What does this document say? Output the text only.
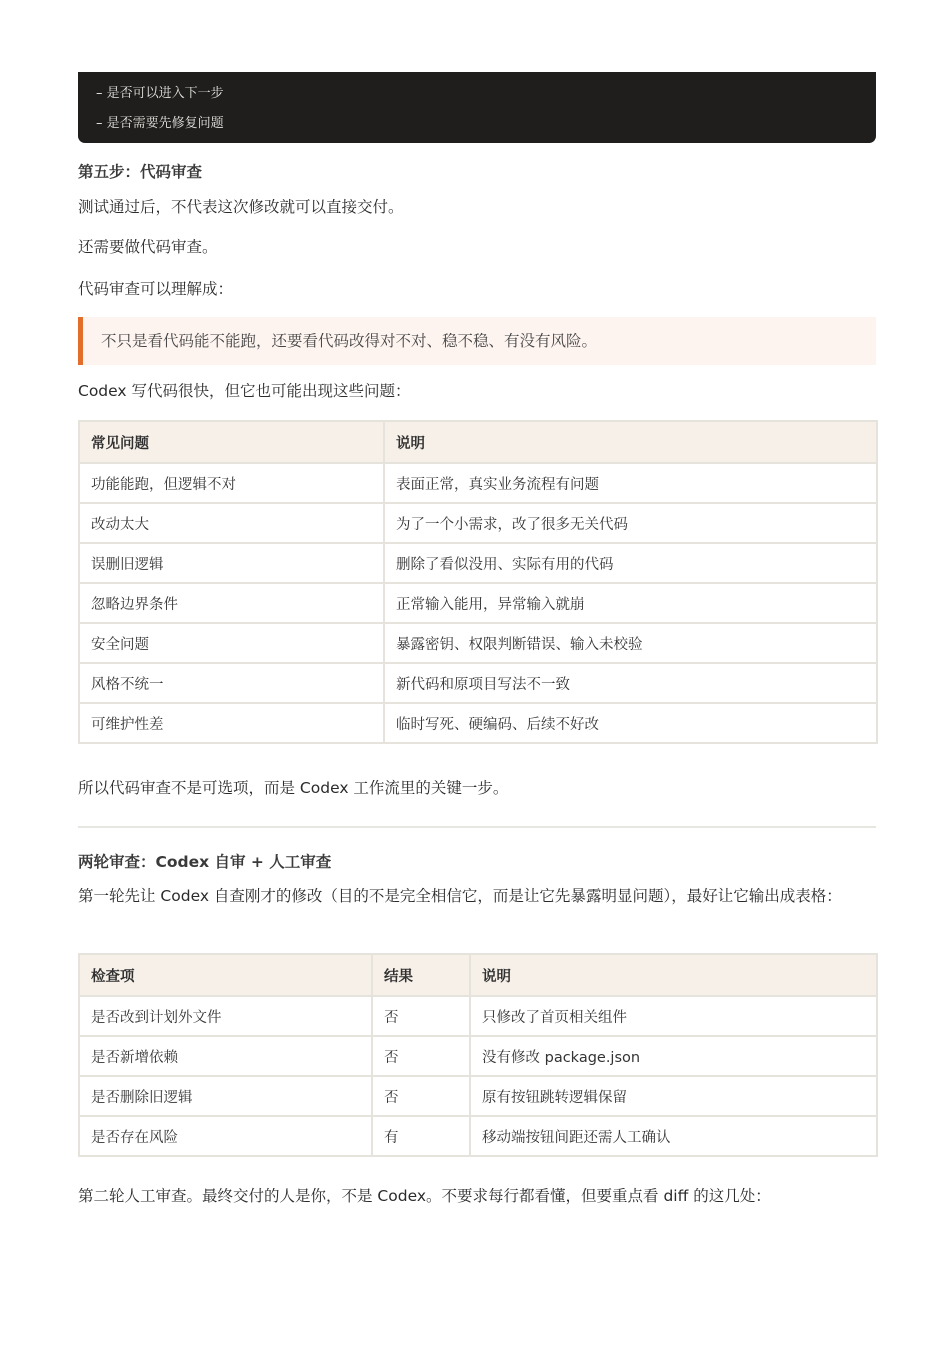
– 是否可以进入下一步
– 是否需要先修复问题
第五步：代码审查
测试通过后，不代表这次修改就可以直接交付。
还需要做代码审查。
代码审查可以理解成：
不只是看代码能不能跑，还要看代码改得对不对、稳不稳、有没有风险。
Codex 写代码很快，但它也可能出现这些问题：
常见问题	说明
功能能跑，但逻辑不对	表面正常，真实业务流程有问题
改动太大	为了一个小需求，改了很多无关代码
误删旧逻辑	删除了看似没用、实际有用的代码
忽略边界条件	正常输入能用，异常输入就崩
安全问题	暴露密钥、权限判断错误、输入未校验
风格不统一	新代码和原项目写法不一致
可维护性差	临时写死、硬编码、后续不好改
所以代码审查不是可选项，而是 Codex 工作流里的关键一步。
两轮审查：Codex 自审 + 人工审查
第一轮先让 Codex 自查刚才的修改（目的不是完全相信它，而是让它先暴露明显问题），最好让它输出成表格：
检查项	结果	说明
是否改到计划外文件	否	只修改了首页相关组件
是否新增依赖	否	没有修改 package.json
是否删除旧逻辑	否	原有按钮跳转逻辑保留
是否存在风险	有	移动端按钮间距还需人工确认
第二轮人工审查。最终交付的人是你，不是 Codex。不要求每行都看懂，但要重点看 diff 的这几处：
